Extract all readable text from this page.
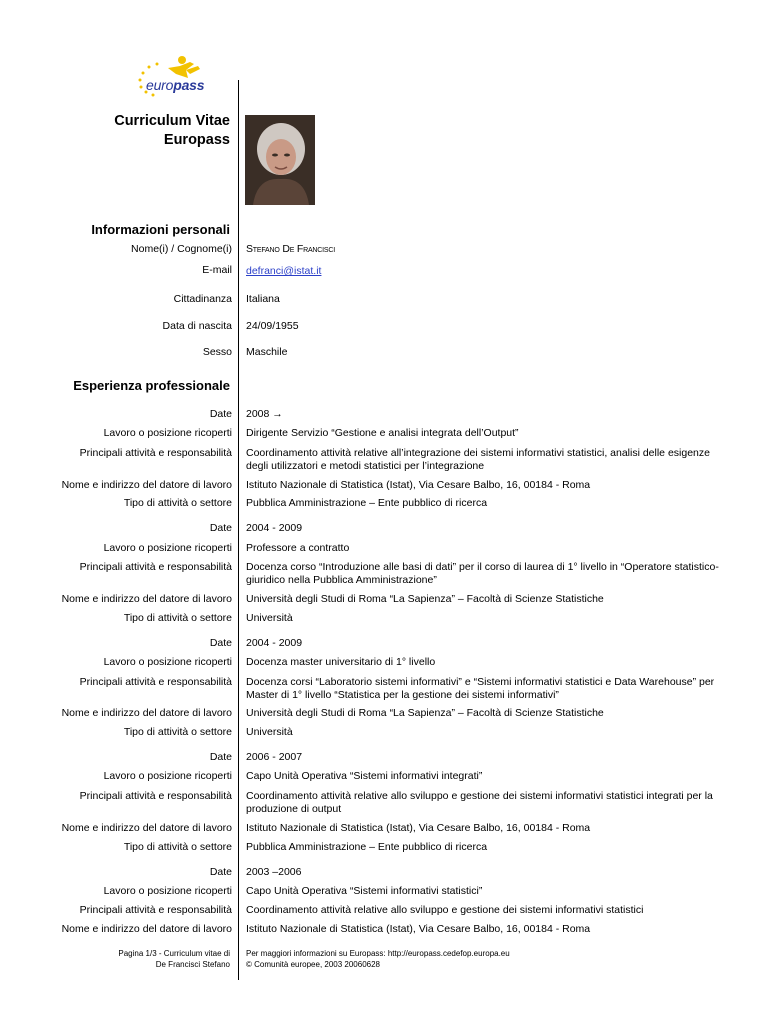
europass
Curriculum Vitae
Europass
Informazioni personali
Nome(i) / Cognome(i) Stefano De Francisci
E-mail defranci@istat.it
Cittadinanza Italiana
Data di nascita 24/09/1955
Sesso Maschile
Esperienza professionale
Date 2008 →
Lavoro o posizione ricoperti Dirigente Servizio “Gestione e analisi integrata dell’Output”
Principali attività e responsabilità Coordinamento attività relative all’integrazione dei sistemi informativi statistici, analisi delle esigenze degli utilizzatori e metodi statistici per l’integrazione
Nome e indirizzo del datore di lavoro Istituto Nazionale di Statistica (Istat), Via Cesare Balbo, 16, 00184 - Roma
Tipo di attività o settore Pubblica Amministrazione – Ente pubblico di ricerca
Date 2004 - 2009
Lavoro o posizione ricoperti Professore a contratto
Principali attività e responsabilità Docenza corso “Introduzione alle basi di dati” per il corso di laurea di 1° livello in “Operatore statistico-giuridico nella Pubblica Amministrazione”
Nome e indirizzo del datore di lavoro Università degli Studi di Roma “La Sapienza” – Facoltà di Scienze Statistiche
Tipo di attività o settore Università
Date 2004 - 2009
Lavoro o posizione ricoperti Docenza master universitario di 1° livello
Principali attività e responsabilità Docenza corsi “Laboratorio sistemi informativi” e “Sistemi informativi statistici e Data Warehouse” per Master di 1° livello “Statistica per la gestione dei sistemi informativi”
Nome e indirizzo del datore di lavoro Università degli Studi di Roma “La Sapienza” – Facoltà di Scienze Statistiche
Tipo di attività o settore Università
Date 2006 - 2007
Lavoro o posizione ricoperti Capo Unità Operativa “Sistemi informativi integrati”
Principali attività e responsabilità Coordinamento attività relative allo sviluppo e gestione dei sistemi informativi statistici integrati per la produzione di output
Nome e indirizzo del datore di lavoro Istituto Nazionale di Statistica (Istat), Via Cesare Balbo, 16, 00184 - Roma
Tipo di attività o settore Pubblica Amministrazione – Ente pubblico di ricerca
Date 2003 –2006
Lavoro o posizione ricoperti Capo Unità Operativa “Sistemi informativi statistici”
Principali attività e responsabilità Coordinamento attività relative allo sviluppo e gestione dei sistemi informativi statistici
Nome e indirizzo del datore di lavoro Istituto Nazionale di Statistica (Istat), Via Cesare Balbo, 16, 00184 - Roma
Pagina 1/3 - Curriculum vitae di
De Francisci Stefano
Per maggiori informazioni su Europass: http://europass.cedefop.europa.eu
© Comunità europee, 2003 20060628
